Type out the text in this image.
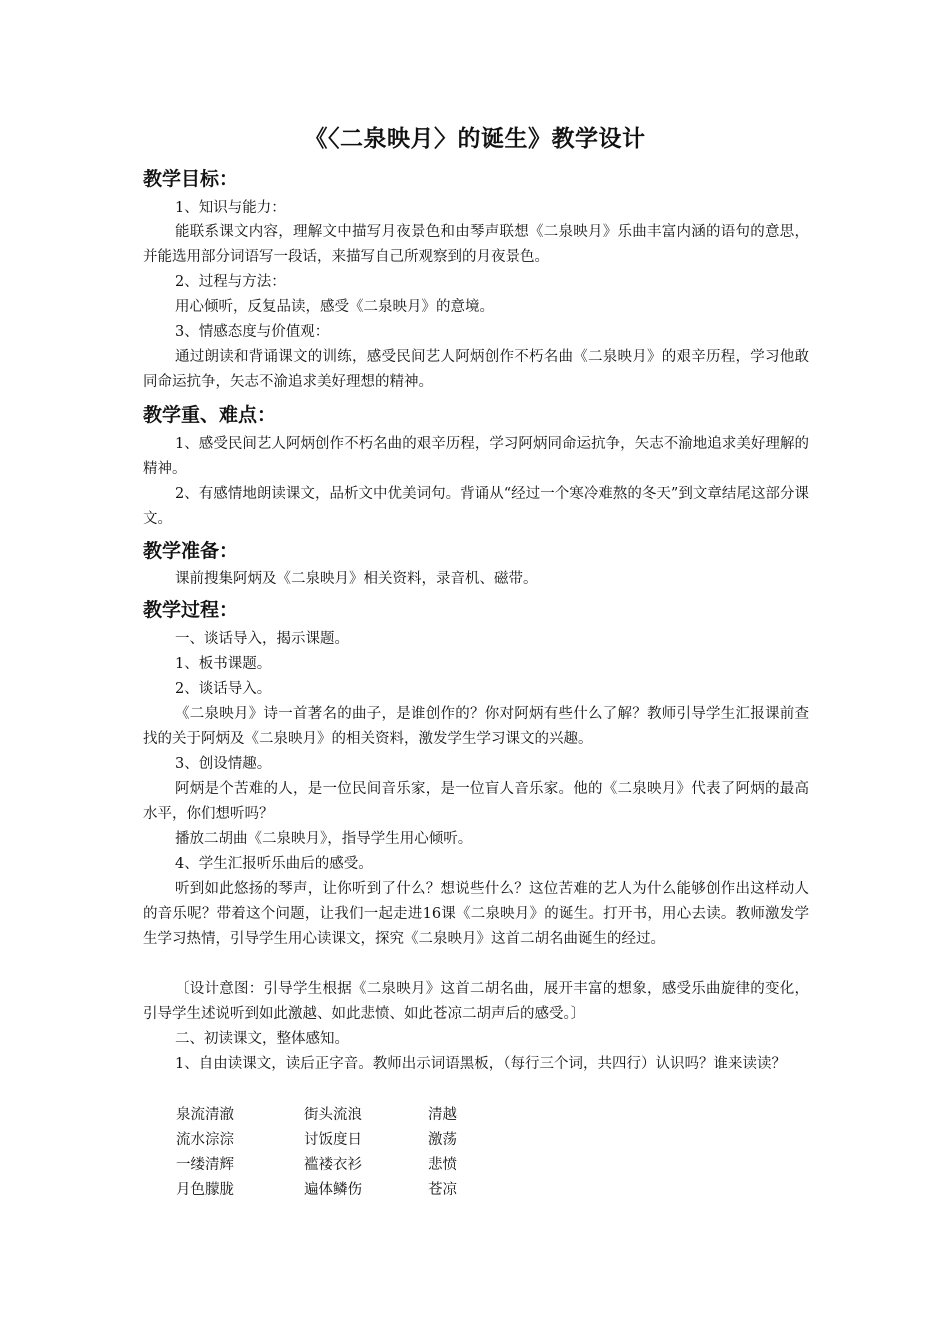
《〈二泉映月〉的诞生》教学设计
教学目标：
1、知识与能力：
能联系课文内容，理解文中描写月夜景色和由琴声联想《二泉映月》乐曲丰富内涵的语句的意思，并能选用部分词语写一段话，来描写自己所观察到的月夜景色。
2、过程与方法：
用心倾听，反复品读，感受《二泉映月》的意境。
3、情感态度与价值观：
通过朗读和背诵课文的训练，感受民间艺人阿炳创作不朽名曲《二泉映月》的艰辛历程，学习他敢同命运抗争，矢志不渝追求美好理想的精神。
教学重、难点：
1、感受民间艺人阿炳创作不朽名曲的艰辛历程，学习阿炳同命运抗争，矢志不渝地追求美好理解的精神。
2、有感情地朗读课文，品析文中优美词句。背诵从“经过一个寒冷难熬的冬天”到文章结尾这部分课文。
教学准备：
课前搜集阿炳及《二泉映月》相关资料，录音机、磁带。
教学过程：
一、谈话导入，揭示课题。
1、板书课题。
2、谈话导入。
《二泉映月》诗一首著名的曲子，是谁创作的？你对阿炳有些什么了解？教师引导学生汇报课前查找的关于阿炳及《二泉映月》的相关资料，激发学生学习课文的兴趣。
3、创设情趣。
阿炳是个苦难的人，是一位民间音乐家，是一位盲人音乐家。他的《二泉映月》代表了阿炳的最高水平，你们想听吗？
播放二胡曲《二泉映月》，指导学生用心倾听。
4、学生汇报听乐曲后的感受。
听到如此悠扬的琴声，让你听到了什么？想说些什么？这位苦难的艺人为什么能够创作出这样动人的音乐呢？带着这个问题，让我们一起走进16课《二泉映月》的诞生。打开书，用心去读。教师激发学生学习热情，引导学生用心读课文，探究《二泉映月》这首二胡名曲诞生的经过。
〔设计意图：引导学生根据《二泉映月》这首二胡名曲，展开丰富的想象，感受乐曲旋律的变化，引导学生述说听到如此激越、如此悲愤、如此苍凉二胡声后的感受。〕
二、初读课文，整体感知。
1、自由读课文，读后正字音。教师出示词语黑板，（每行三个词，共四行）认识吗？谁来读读？
泉流清澈	街头流浪	清越
流水淙淙	讨饭度日	激荡
一缕清辉	褴褛衣衫	悲愤
月色朦胧	遍体鳞伤	苍凉
